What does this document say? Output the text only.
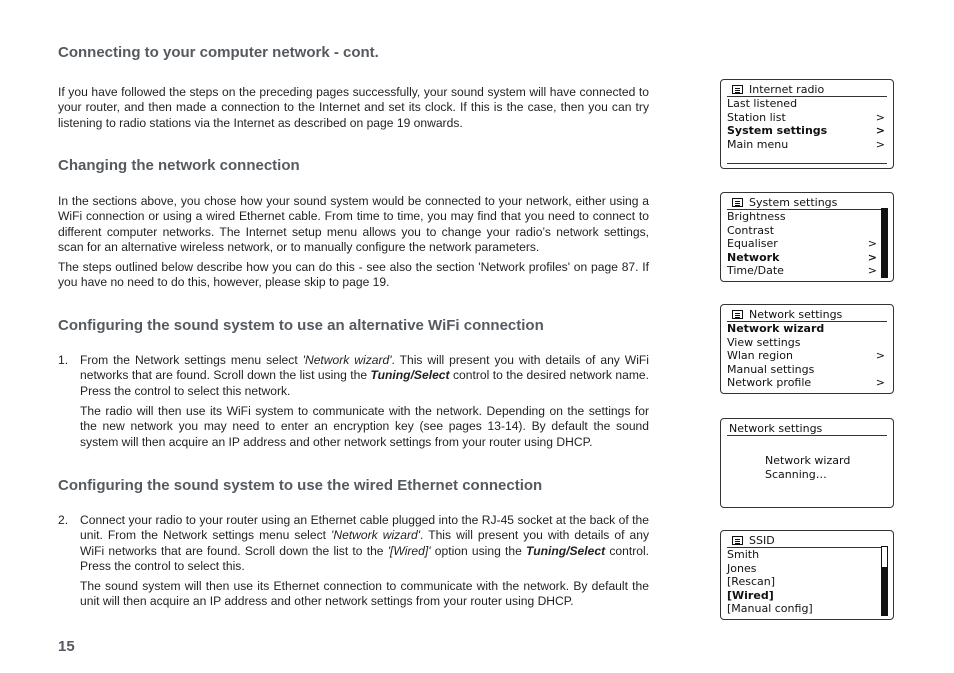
Connecting to your computer network - cont.

If you have followed the steps on the preceding pages successfully, your sound system will have connected to your router, and then made a connection to the Internet and set its clock. If this is the case, then you can try listening to radio stations via the Internet as described on page 19 onwards.

Changing the network connection

In the sections above, you chose how your sound system would be connected to your network, either using a WiFi connection or using a wired Ethernet cable. From time to time, you may find that you need to connect to different computer networks. The Internet setup menu allows you to change your radio’s network settings, scan for an alternative wireless network, or to manually configure the network parameters.

The steps outlined below describe how you can do this - see also the section 'Network profiles' on page 87. If you have no need to do this, however, please skip to page 19.

Configuring the sound system to use an alternative WiFi connection
1. From the Network settings menu select 'Network wizard'. This will present you with details of any WiFi networks that are found. Scroll down the list using the Tuning/Select control to the desired network name. Press the control to select this network.

The radio will then use its WiFi system to communicate with the network. Depending on the settings for the new network you may need to enter an encryption key (see pages 13-14). By default the sound system will then acquire an IP address and other network settings from your router using DHCP.

Configuring the sound system to use the wired Ethernet connection
2. Connect your radio to your router using an Ethernet cable plugged into the RJ-45 socket at the back of the unit. From the Network settings menu select 'Network wizard'. This will present you with details of any WiFi networks that are found. Scroll down the list to the '[Wired]' option using the Tuning/Select control. Press the control to select this.

The sound system will then use its Ethernet connection to communicate with the network. By default the unit will then acquire an IP address and other network settings from your router using DHCP.

15
Internet radio
Last listened
Station list	>
System settings	>
Main menu	>
System settings
Brightness
Contrast
Equaliser	>
Network	>
Time/Date	>
Network settings
Network wizard
View settings
Wlan region	>
Manual settings
Network profile	>
Network settings
Network wizard
Scanning…
SSID
Smith
Jones
[Rescan]
[Wired]
[Manual config]
